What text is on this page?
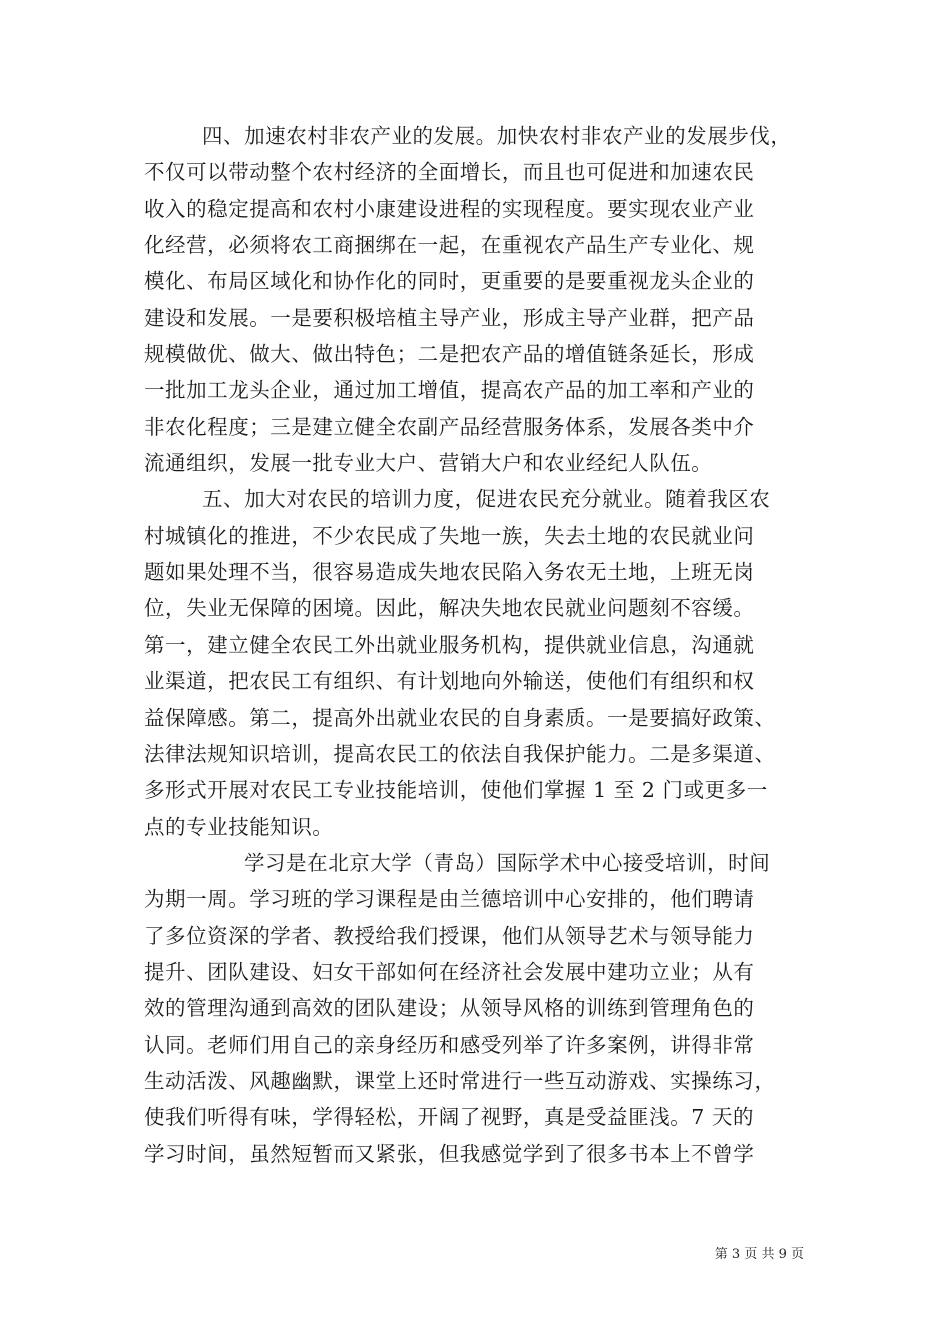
四、加速农村非农产业的发展。加快农村非农产业的发展步伐，
不仅可以带动整个农村经济的全面增长，而且也可促进和加速农民
收入的稳定提高和农村小康建设进程的实现程度。要实现农业产业
化经营，必须将农工商捆绑在一起，在重视农产品生产专业化、规
模化、布局区域化和协作化的同时，更重要的是要重视龙头企业的
建设和发展。一是要积极培植主导产业，形成主导产业群，把产品
规模做优、做大、做出特色；二是把农产品的增值链条延长，形成
一批加工龙头企业，通过加工增值，提高农产品的加工率和产业的
非农化程度；三是建立健全农副产品经营服务体系，发展各类中介
流通组织，发展一批专业大户、营销大户和农业经纪人队伍。
五、加大对农民的培训力度，促进农民充分就业。随着我区农
村城镇化的推进，不少农民成了失地一族，失去土地的农民就业问
题如果处理不当，很容易造成失地农民陷入务农无土地，上班无岗
位，失业无保障的困境。因此，解决失地农民就业问题刻不容缓。
第一，建立健全农民工外出就业服务机构，提供就业信息，沟通就
业渠道，把农民工有组织、有计划地向外输送，使他们有组织和权
益保障感。第二，提高外出就业农民的自身素质。一是要搞好政策、
法律法规知识培训，提高农民工的依法自我保护能力。二是多渠道、
多形式开展对农民工专业技能培训，使他们掌握 1 至 2 门或更多一
点的专业技能知识。
学习是在北京大学（青岛）国际学术中心接受培训，时间
为期一周。学习班的学习课程是由兰德培训中心安排的，他们聘请
了多位资深的学者、教授给我们授课，他们从领导艺术与领导能力
提升、团队建设、妇女干部如何在经济社会发展中建功立业；从有
效的管理沟通到高效的团队建设；从领导风格的训练到管理角色的
认同。老师们用自己的亲身经历和感受列举了许多案例，讲得非常
生动活泼、风趣幽默，课堂上还时常进行一些互动游戏、实操练习，
使我们听得有味，学得轻松，开阔了视野，真是受益匪浅。7 天的
学习时间，虽然短暂而又紧张，但我感觉学到了很多书本上不曾学
第 3 页 共 9 页
